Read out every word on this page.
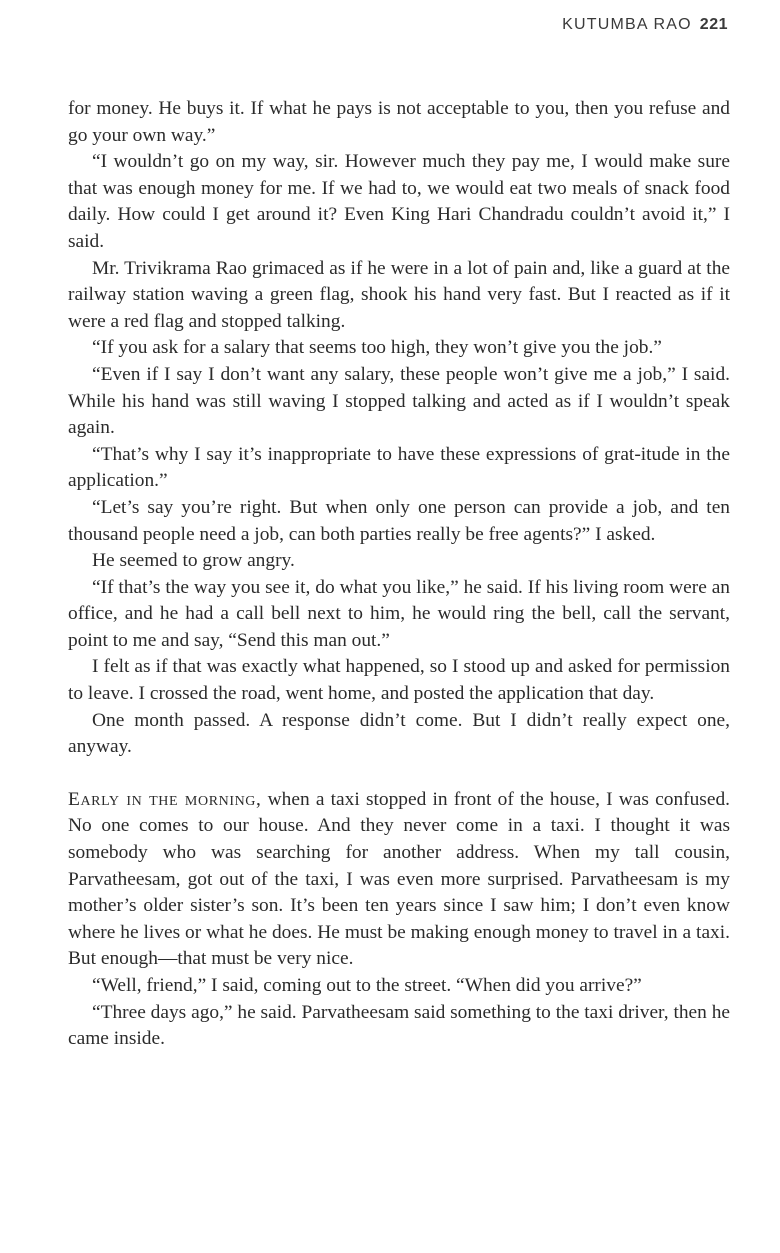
KUTUMBA RAO 221

for money. He buys it. If what he pays is not acceptable to you, then you refuse and go your own way.”

“I wouldn’t go on my way, sir. However much they pay me, I would make sure that was enough money for me. If we had to, we would eat two meals of snack food daily. How could I get around it? Even King Hari Chandradu couldn’t avoid it,” I said.

Mr. Trivikrama Rao grimaced as if he were in a lot of pain and, like a guard at the railway station waving a green flag, shook his hand very fast. But I reacted as if it were a red flag and stopped talking.

“If you ask for a salary that seems too high, they won’t give you the job.”

“Even if I say I don’t want any salary, these people won’t give me a job,” I said. While his hand was still waving I stopped talking and acted as if I wouldn’t speak again.

“That’s why I say it’s inappropriate to have these expressions of grat-itude in the application.”

“Let’s say you’re right. But when only one person can provide a job, and ten thousand people need a job, can both parties really be free agents?” I asked.

He seemed to grow angry.

“If that’s the way you see it, do what you like,” he said. If his living room were an office, and he had a call bell next to him, he would ring the bell, call the servant, point to me and say, “Send this man out.”

I felt as if that was exactly what happened, so I stood up and asked for permission to leave. I crossed the road, went home, and posted the application that day.

One month passed. A response didn’t come. But I didn’t really expect one, anyway.

Early in the morning, when a taxi stopped in front of the house, I was confused. No one comes to our house. And they never come in a taxi. I thought it was somebody who was searching for another address. When my tall cousin, Parvatheesam, got out of the taxi, I was even more surprised. Parvatheesam is my mother’s older sister’s son. It’s been ten years since I saw him; I don’t even know where he lives or what he does. He must be making enough money to travel in a taxi. But enough—that must be very nice.

“Well, friend,” I said, coming out to the street. “When did you arrive?”

“Three days ago,” he said. Parvatheesam said something to the taxi driver, then he came inside.
